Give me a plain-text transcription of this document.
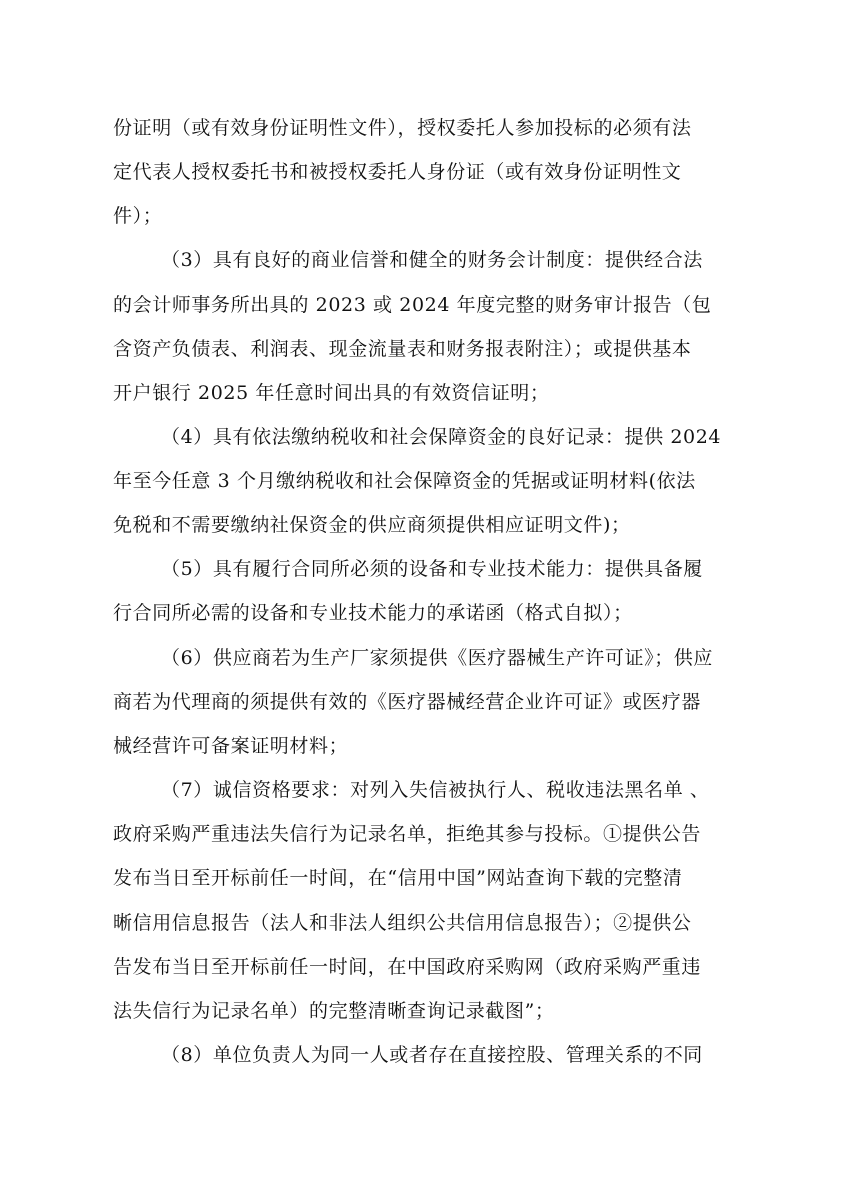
份证明（或有效身份证明性文件），授权委托人参加投标的必须有法
定代表人授权委托书和被授权委托人身份证（或有效身份证明性文
件）；
（3）具有良好的商业信誉和健全的财务会计制度：提供经合法
的会计师事务所出具的 2023 或 2024 年度完整的财务审计报告（包
含资产负债表、利润表、现金流量表和财务报表附注）；或提供基本
开户银行 2025 年任意时间出具的有效资信证明；
（4）具有依法缴纳税收和社会保障资金的良好记录：提供 2024
年至今任意 3 个月缴纳税收和社会保障资金的凭据或证明材料(依法
免税和不需要缴纳社保资金的供应商须提供相应证明文件)；
（5）具有履行合同所必须的设备和专业技术能力：提供具备履
行合同所必需的设备和专业技术能力的承诺函（格式自拟）；
（6）供应商若为生产厂家须提供《医疗器械生产许可证》；供应
商若为代理商的须提供有效的《医疗器械经营企业许可证》或医疗器
械经营许可备案证明材料；
（7）诚信资格要求：对列入失信被执行人、税收违法黑名单 、
政府采购严重违法失信行为记录名单，拒绝其参与投标。①提供公告
发布当日至开标前任一时间，在“信用中国”网站查询下载的完整清
晰信用信息报告（法人和非法人组织公共信用信息报告）；②提供公
告发布当日至开标前任一时间，在中国政府采购网（政府采购严重违
法失信行为记录名单）的完整清晰查询记录截图”；
（8）单位负责人为同一人或者存在直接控股、管理关系的不同
